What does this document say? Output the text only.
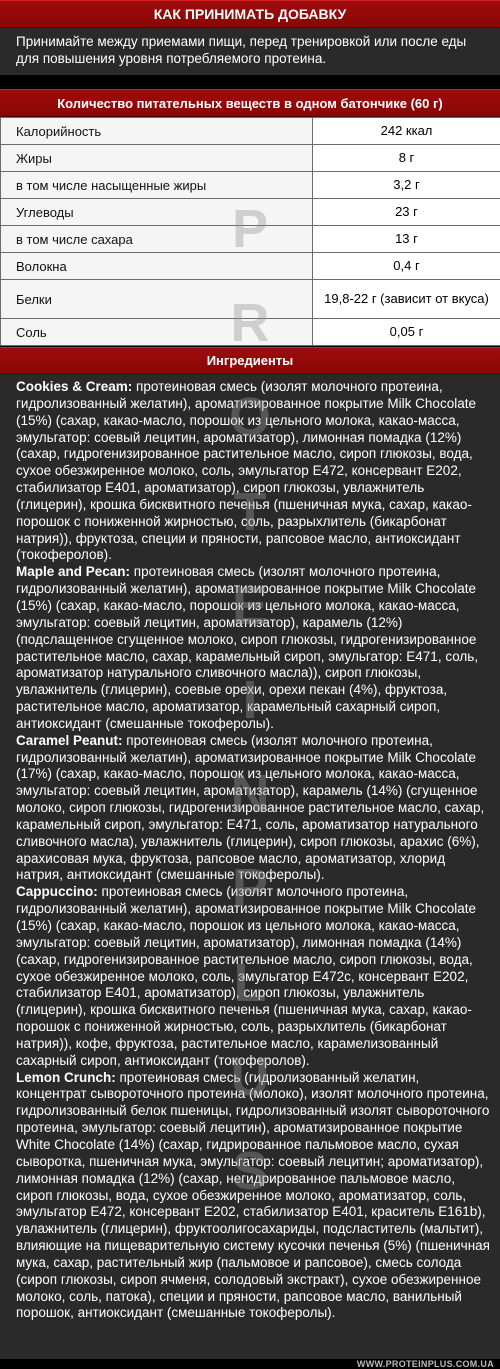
КАК ПРИНИМАТЬ ДОБАВКУ
Принимайте между приемами пищи, перед тренировкой или после еды для повышения уровня потребляемого протеина.
Количество питательных веществ в одном батончике (60 г)
Калорийность	242 ккал
Жиры	8 г
в том числе насыщенные жиры	3,2 г
Углеводы	23 г
в том числе сахара	13 г
Волокна	0,4 г
Белки	19,8-22 г (зависит от вкуса)
Соль	0,05 г
Ингредиенты

Cookies & Cream: протеиновая смесь (изолят молочного протеина, гидролизованный желатин), ароматизированное покрытие Milk Chocolate (15%) (сахар, какао-масло, порошок из цельного молока, какао-масса, эмульгатор: соевый лецитин, ароматизатор), лимонная помадка (12%) (сахар, гидрогенизированное растительное масло, сироп глюкозы, вода, сухое обезжиренное молоко, соль, эмульгатор E472, консервант E202, стабилизатор E401, ароматизатор), сироп глюкозы, увлажнитель (глицерин), крошка бисквитного печенья (пшеничная мука, сахар, какао-порошок с пониженной жирностью, соль, разрыхлитель (бикарбонат натрия)), фруктоза, специи и пряности, рапсовое масло, антиоксидант (токоферолов).

Maple and Pecan: протеиновая смесь (изолят молочного протеина, гидролизованный желатин), ароматизированное покрытие Milk Chocolate (15%) (сахар, какао-масло, порошок из цельного молока, какао-масса, эмульгатор: соевый лецитин, ароматизатор), карамель (12%) (подслащенное сгущенное молоко, сироп глюкозы, гидрогенизированное растительное масло, сахар, карамельный сироп, эмульгатор: E471, соль, ароматизатор натурального сливочного масла)), сироп глюкозы, увлажнитель (глицерин), соевые орехи, орехи пекан (4%), фруктоза, растительное масло, ароматизатор, карамельный сахарный сироп, антиоксидант (смешанные токоферолы).

Caramel Peanut: протеиновая смесь (изолят молочного протеина, гидролизованный желатин), ароматизированное покрытие Milk Chocolate (17%) (сахар, какао-масло, порошок из цельного молока, какао-масса, эмульгатор: соевый лецитин, ароматизатор), карамель (14%) (сгущенное молоко, сироп глюкозы, гидрогенизированное растительное масло, сахар, карамельный сироп, эмульгатор: E471, соль, ароматизатор натурального сливочного масла), увлажнитель (глицерин), сироп глюкозы, арахис (6%), арахисовая мука, фруктоза, рапсовое масло, ароматизатор, хлорид натрия, антиоксидант (смешанные токоферолы).

Cappuccino: протеиновая смесь (изолят молочного протеина, гидролизованный желатин), ароматизированное покрытие Milk Chocolate (15%) (сахар, какао-масло, порошок из цельного молока, какао-масса, эмульгатор: соевый лецитин, ароматизатор), лимонная помадка (14%) (сахар, гидрогенизированное растительное масло, сироп глюкозы, вода, сухое обезжиренное молоко, соль, эмульгатор E472c, консервант E202, стабилизатор E401, ароматизатор), сироп глюкозы, увлажнитель (глицерин), крошка бисквитного печенья (пшеничная мука, сахар, какао-порошок с пониженной жирностью, соль, разрыхлитель (бикарбонат натрия)), кофе, фруктоза, растительное масло, карамелизованный сахарный сироп, антиоксидант (токоферолов).

Lemon Crunch: протеиновая смесь (гидролизованный желатин, концентрат сывороточного протеина (молоко), изолят молочного протеина, гидролизованный белок пшеницы, гидролизованный изолят сывороточного протеина, эмульгатор: соевый лецитин), ароматизированное покрытие White Chocolate (14%) (сахар, гидрированное пальмовое масло, сухая сыворотка, пшеничная мука, эмульгатор: соевый лецитин; ароматизатор), лимонная помадка (12%) (сахар, негидрированное пальмовое масло, сироп глюкозы, вода, сухое обезжиренное молоко, ароматизатор, соль, эмульгатор E472, консервант E202, стабилизатор E401, краситель E161b), увлажнитель (глицерин), фруктоолигосахариды, подсластитель (мальтит), влияющие на пищеварительную систему кусочки печенья (5%) (пшеничная мука, сахар, растительный жир (пальмовое и рапсовое), смесь солода (сироп глюкозы, сироп ячменя, солодовый экстракт), сухое обезжиренное молоко, соль, патока), специи и пряности, рапсовое масло, ванильный порошок, антиоксидант (смешанные токоферолы).

P
R
O
T
E
I
N
P
L
U
S
WWW.PROTEINPLUS.COM.UA
